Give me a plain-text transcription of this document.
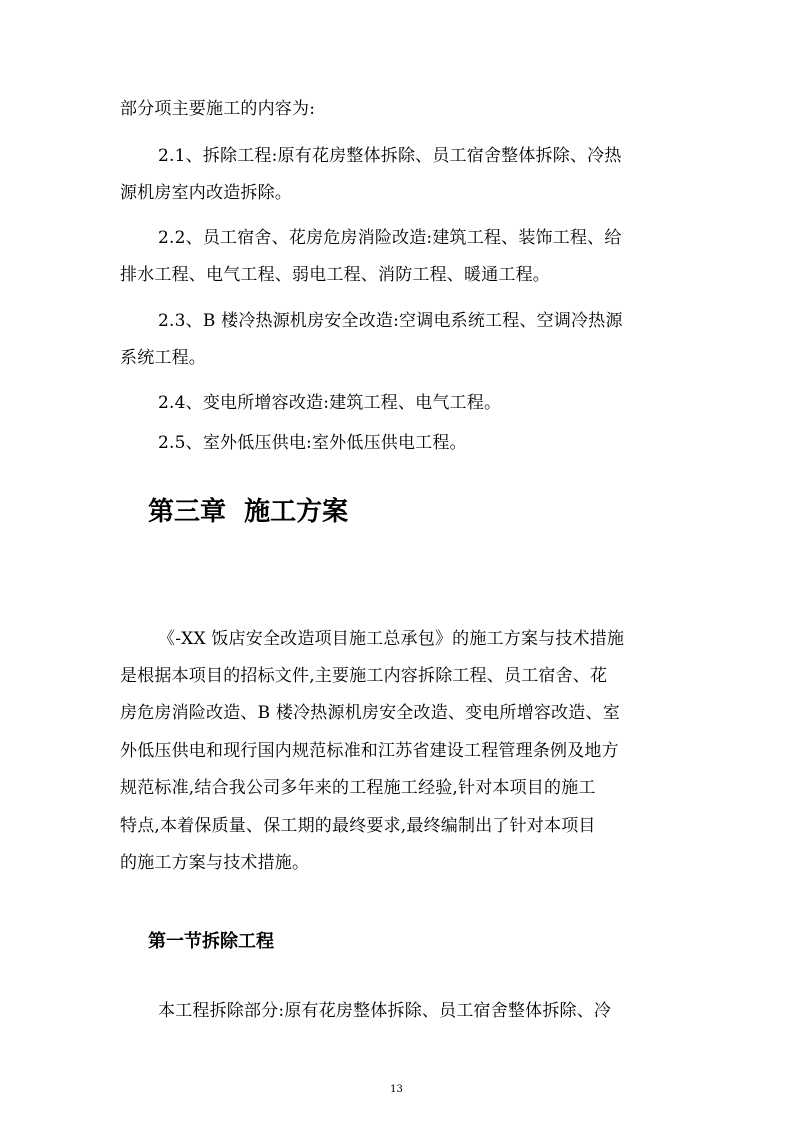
部分项主要施工的内容为:
2.1、拆除工程:原有花房整体拆除、员工宿舍整体拆除、冷热
源机房室内改造拆除。
2.2、员工宿舍、花房危房消险改造:建筑工程、装饰工程、给
排水工程、电气工程、弱电工程、消防工程、暖通工程。
2.3、B 楼冷热源机房安全改造:空调电系统工程、空调冷热源
系统工程。
2.4、变电所增容改造:建筑工程、电气工程。
2.5、室外低压供电:室外低压供电工程。
第三章  施工方案
《-XX 饭店安全改造项目施工总承包》的施工方案与技术措施
是根据本项目的招标文件,主要施工内容拆除工程、员工宿舍、花
房危房消险改造、B 楼冷热源机房安全改造、变电所增容改造、室
外低压供电和现行国内规范标准和江苏省建设工程管理条例及地方
规范标准,结合我公司多年来的工程施工经验,针对本项目的施工
特点,本着保质量、保工期的最终要求,最终编制出了针对本项目
的施工方案与技术措施。
第一节拆除工程
本工程拆除部分:原有花房整体拆除、员工宿舍整体拆除、冷
13
